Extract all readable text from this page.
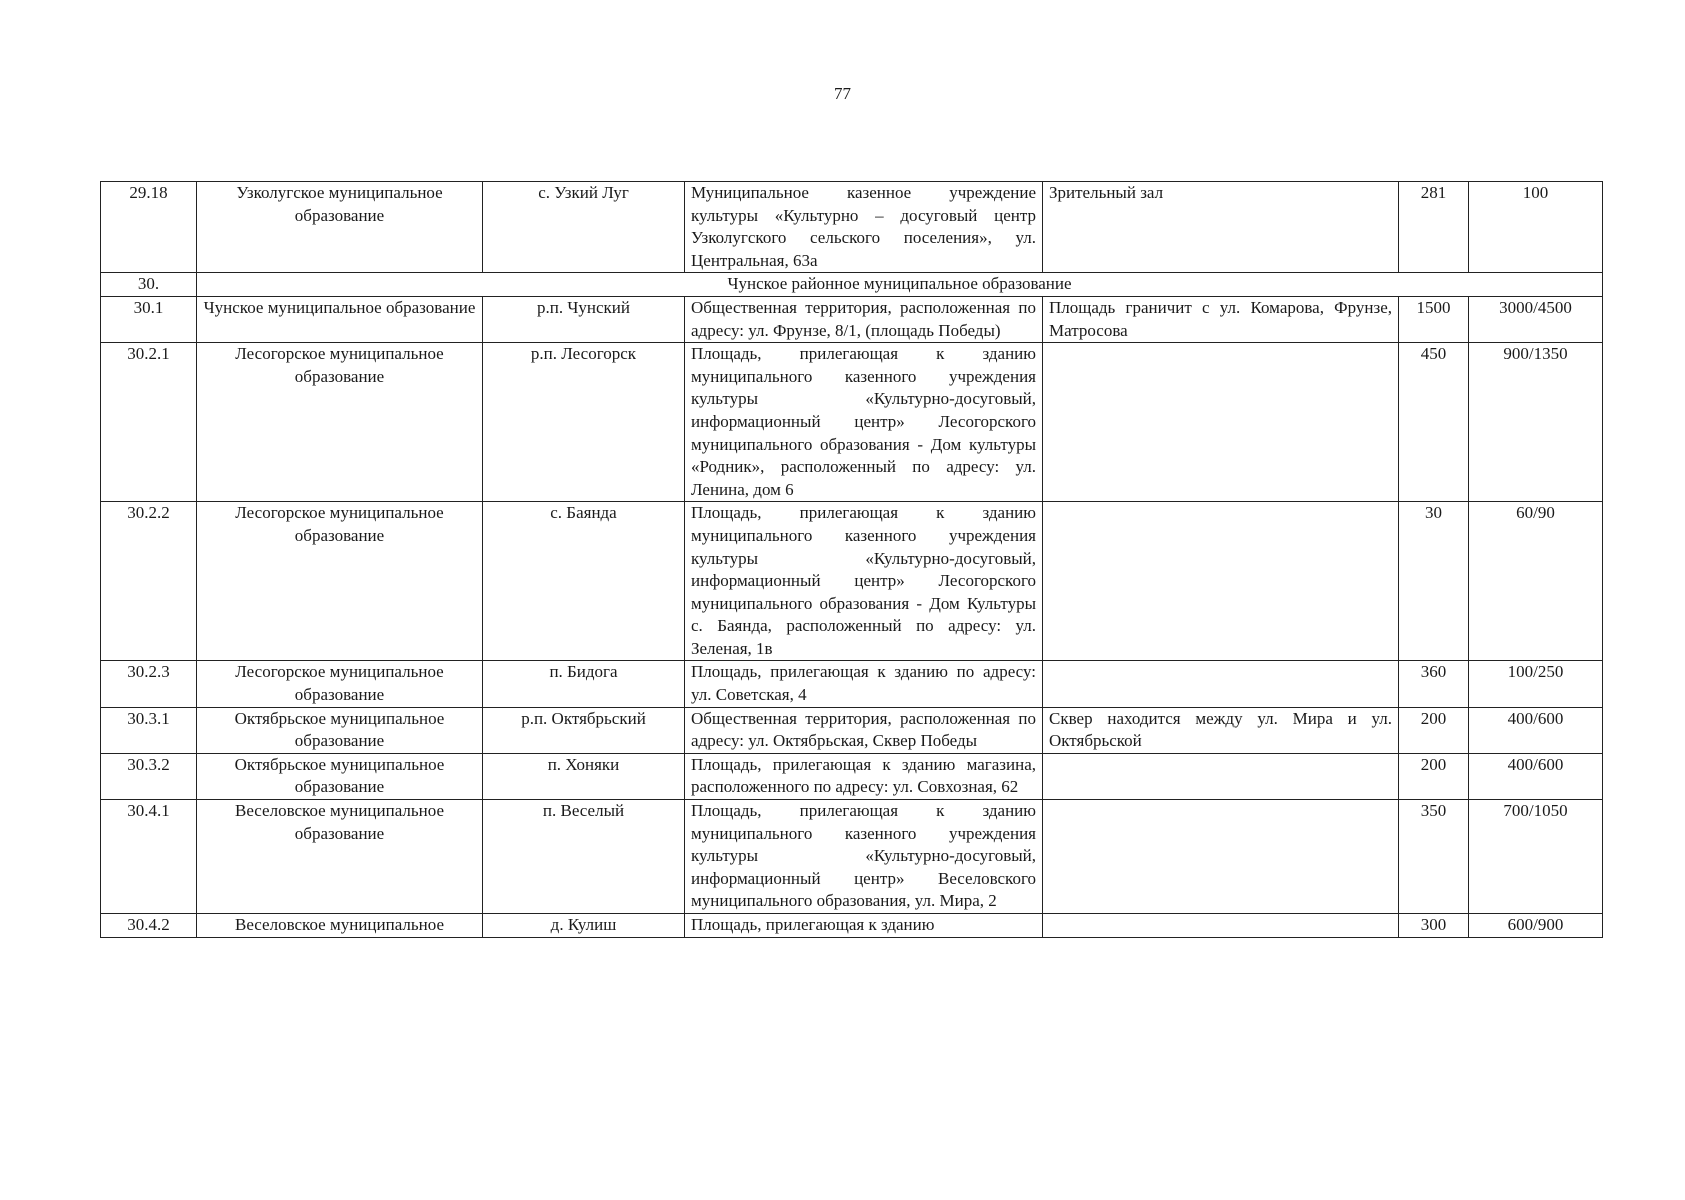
77
29.18	Узколугское муниципальное образование	с. Узкий Луг	Муниципальное казенное учреждение культуры «Культурно – досуговый центр Узколугского сельского поселения», ул. Центральная, 63а	Зрительный зал	281	100
30.	Чунское районное муниципальное образование					
30.1	Чунское муниципальное образование	р.п. Чунский	Общественная территория, расположенная по адресу: ул. Фрунзе, 8/1, (площадь Победы)	Площадь граничит с ул. Комарова, Фрунзе, Матросова	1500	3000/4500
30.2.1	Лесогорское муниципальное образование	р.п. Лесогорск	Площадь, прилегающая к зданию муниципального казенного учреждения культуры «Культурно-досуговый, информационный центр» Лесогорского муниципального образования - Дом культуры «Родник», расположенный по адресу: ул. Ленина, дом 6		450	900/1350
30.2.2	Лесогорское муниципальное образование	с. Баянда	Площадь, прилегающая к зданию муниципального казенного учреждения культуры «Культурно-досуговый, информационный центр» Лесогорского муниципального образования - Дом Культуры с. Баянда, расположенный по адресу: ул. Зеленая, 1в		30	60/90
30.2.3	Лесогорское муниципальное образование	п. Бидога	Площадь, прилегающая к зданию по адресу: ул. Советская, 4		360	100/250
30.3.1	Октябрьское муниципальное образование	р.п. Октябрьский	Общественная территория, расположенная по адресу: ул. Октябрьская, Сквер Победы	Сквер находится между ул. Мира и ул. Октябрьской	200	400/600
30.3.2	Октябрьское муниципальное образование	п. Хоняки	Площадь, прилегающая к зданию магазина, расположенного по адресу: ул. Совхозная, 62		200	400/600
30.4.1	Веселовское муниципальное образование	п. Веселый	Площадь, прилегающая к зданию муниципального казенного учреждения культуры «Культурно-досуговый, информационный центр» Веселовского муниципального образования, ул. Мира, 2		350	700/1050
30.4.2	Веселовское муниципальное	д. Кулиш	Площадь, прилегающая к зданию		300	600/900
